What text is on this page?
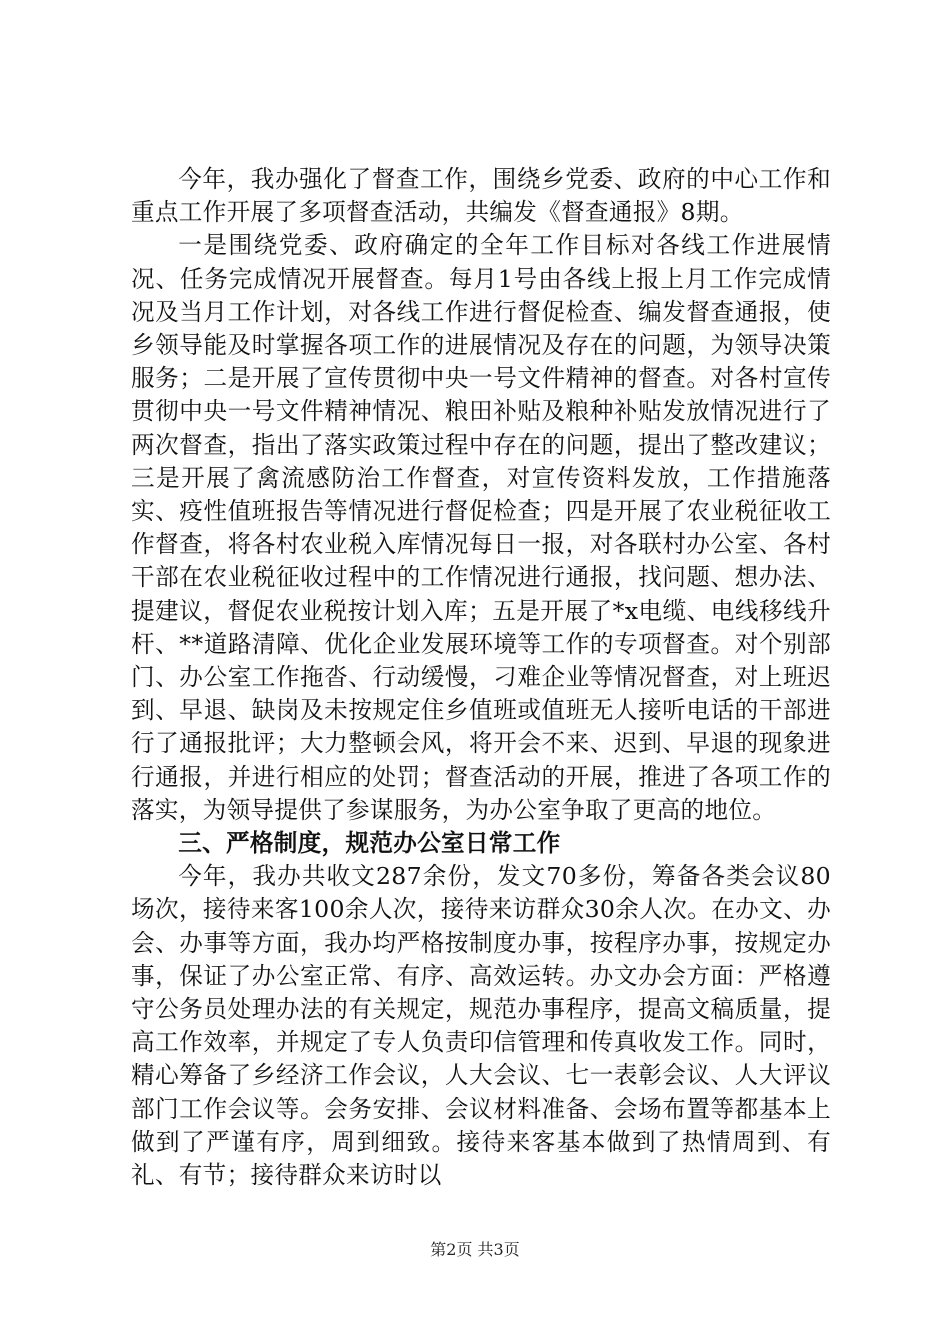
今年，我办强化了督查工作，围绕乡党委、政府的中心工作和重点工作开展了多项督查活动，共编发《督查通报》8期。

一是围绕党委、政府确定的全年工作目标对各线工作进展情况、任务完成情况开展督查。每月1号由各线上报上月工作完成情况及当月工作计划，对各线工作进行督促检查、编发督查通报，使乡领导能及时掌握各项工作的进展情况及存在的问题，为领导决策服务；二是开展了宣传贯彻中央一号文件精神的督查。对各村宣传贯彻中央一号文件精神情况、粮田补贴及粮种补贴发放情况进行了两次督查，指出了落实政策过程中存在的问题，提出了整改建议；三是开展了禽流感防治工作督查，对宣传资料发放，工作措施落实、疫性值班报告等情况进行督促检查；四是开展了农业税征收工作督查，将各村农业税入库情况每日一报，对各联村办公室、各村干部在农业税征收过程中的工作情况进行通报，找问题、想办法、提建议，督促农业税按计划入库；五是开展了*x电缆、电线移线升杆、**道路清障、优化企业发展环境等工作的专项督查。对个别部门、办公室工作拖沓、行动缓慢，刁难企业等情况督查，对上班迟到、早退、缺岗及未按规定住乡值班或值班无人接听电话的干部进行了通报批评；大力整顿会风，将开会不来、迟到、早退的现象进行通报，并进行相应的处罚；督查活动的开展，推进了各项工作的落实，为领导提供了参谋服务，为办公室争取了更高的地位。

三、严格制度，规范办公室日常工作

今年，我办共收文287余份，发文70多份，筹备各类会议80场次，接待来客100余人次，接待来访群众30余人次。在办文、办会、办事等方面，我办均严格按制度办事，按程序办事，按规定办事，保证了办公室正常、有序、高效运转。办文办会方面：严格遵守公务员处理办法的有关规定，规范办事程序，提高文稿质量，提高工作效率，并规定了专人负责印信管理和传真收发工作。同时，精心筹备了乡经济工作会议，人大会议、七一表彰会议、人大评议部门工作会议等。会务安排、会议材料准备、会场布置等都基本上做到了严谨有序，周到细致。接待来客基本做到了热情周到、有礼、有节；接待群众来访时以

第2页 共3页
